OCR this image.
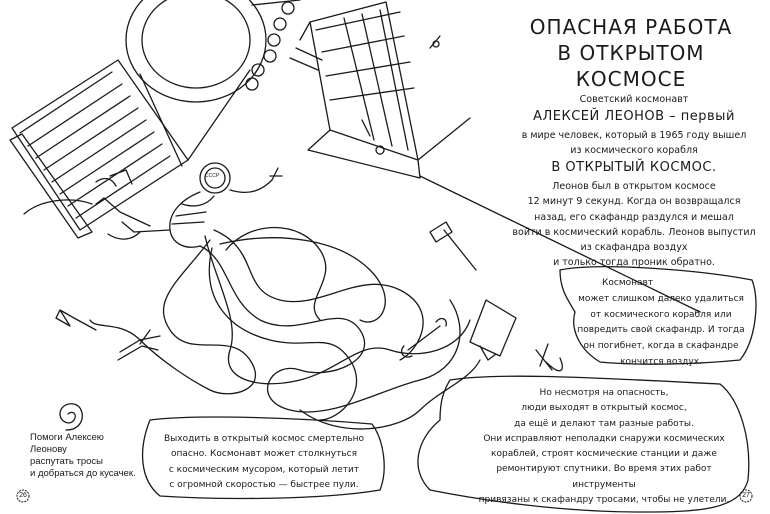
ОПАСНАЯ РАБОТА
В ОТКРЫТОМ КОСМОСЕ
Советский космонавт
АЛЕКСЕЙ ЛЕОНОВ – первый
в мире человек, который в 1965 году вышел
из космического корабля
В ОТКРЫТЫЙ КОСМОС.
Леонов был в открытом космосе
12 минут 9 секунд. Когда он возвращался
назад, его скафандр раздулся и мешал
войти в космический корабль. Леонов выпустил
из скафандра воздух
и только тогда проник обратно.
Космонавт
может слишком далеко удалиться
от космического корабля или
повредить свой скафандр. И тогда
он погибнет, когда в скафандре
кончится воздух.
Но несмотря на опасность,
люди выходят в открытый космос,
да ещё и делают там разные работы.
Они исправляют неполадки снаружи космических
кораблей, строят космические станции и даже
ремонтируют спутники. Во время этих работ инструменты
привязаны к скафандру тросами, чтобы не улетели.
Выходить в открытый космос смертельно
опасно. Космонавт может столкнуться
с космическим мусором, который летит
с огромной скоростью — быстрее пули.
Помоги Алексею Леонову
распутать тросы
и добраться до кусачек.
26	27
СССР
